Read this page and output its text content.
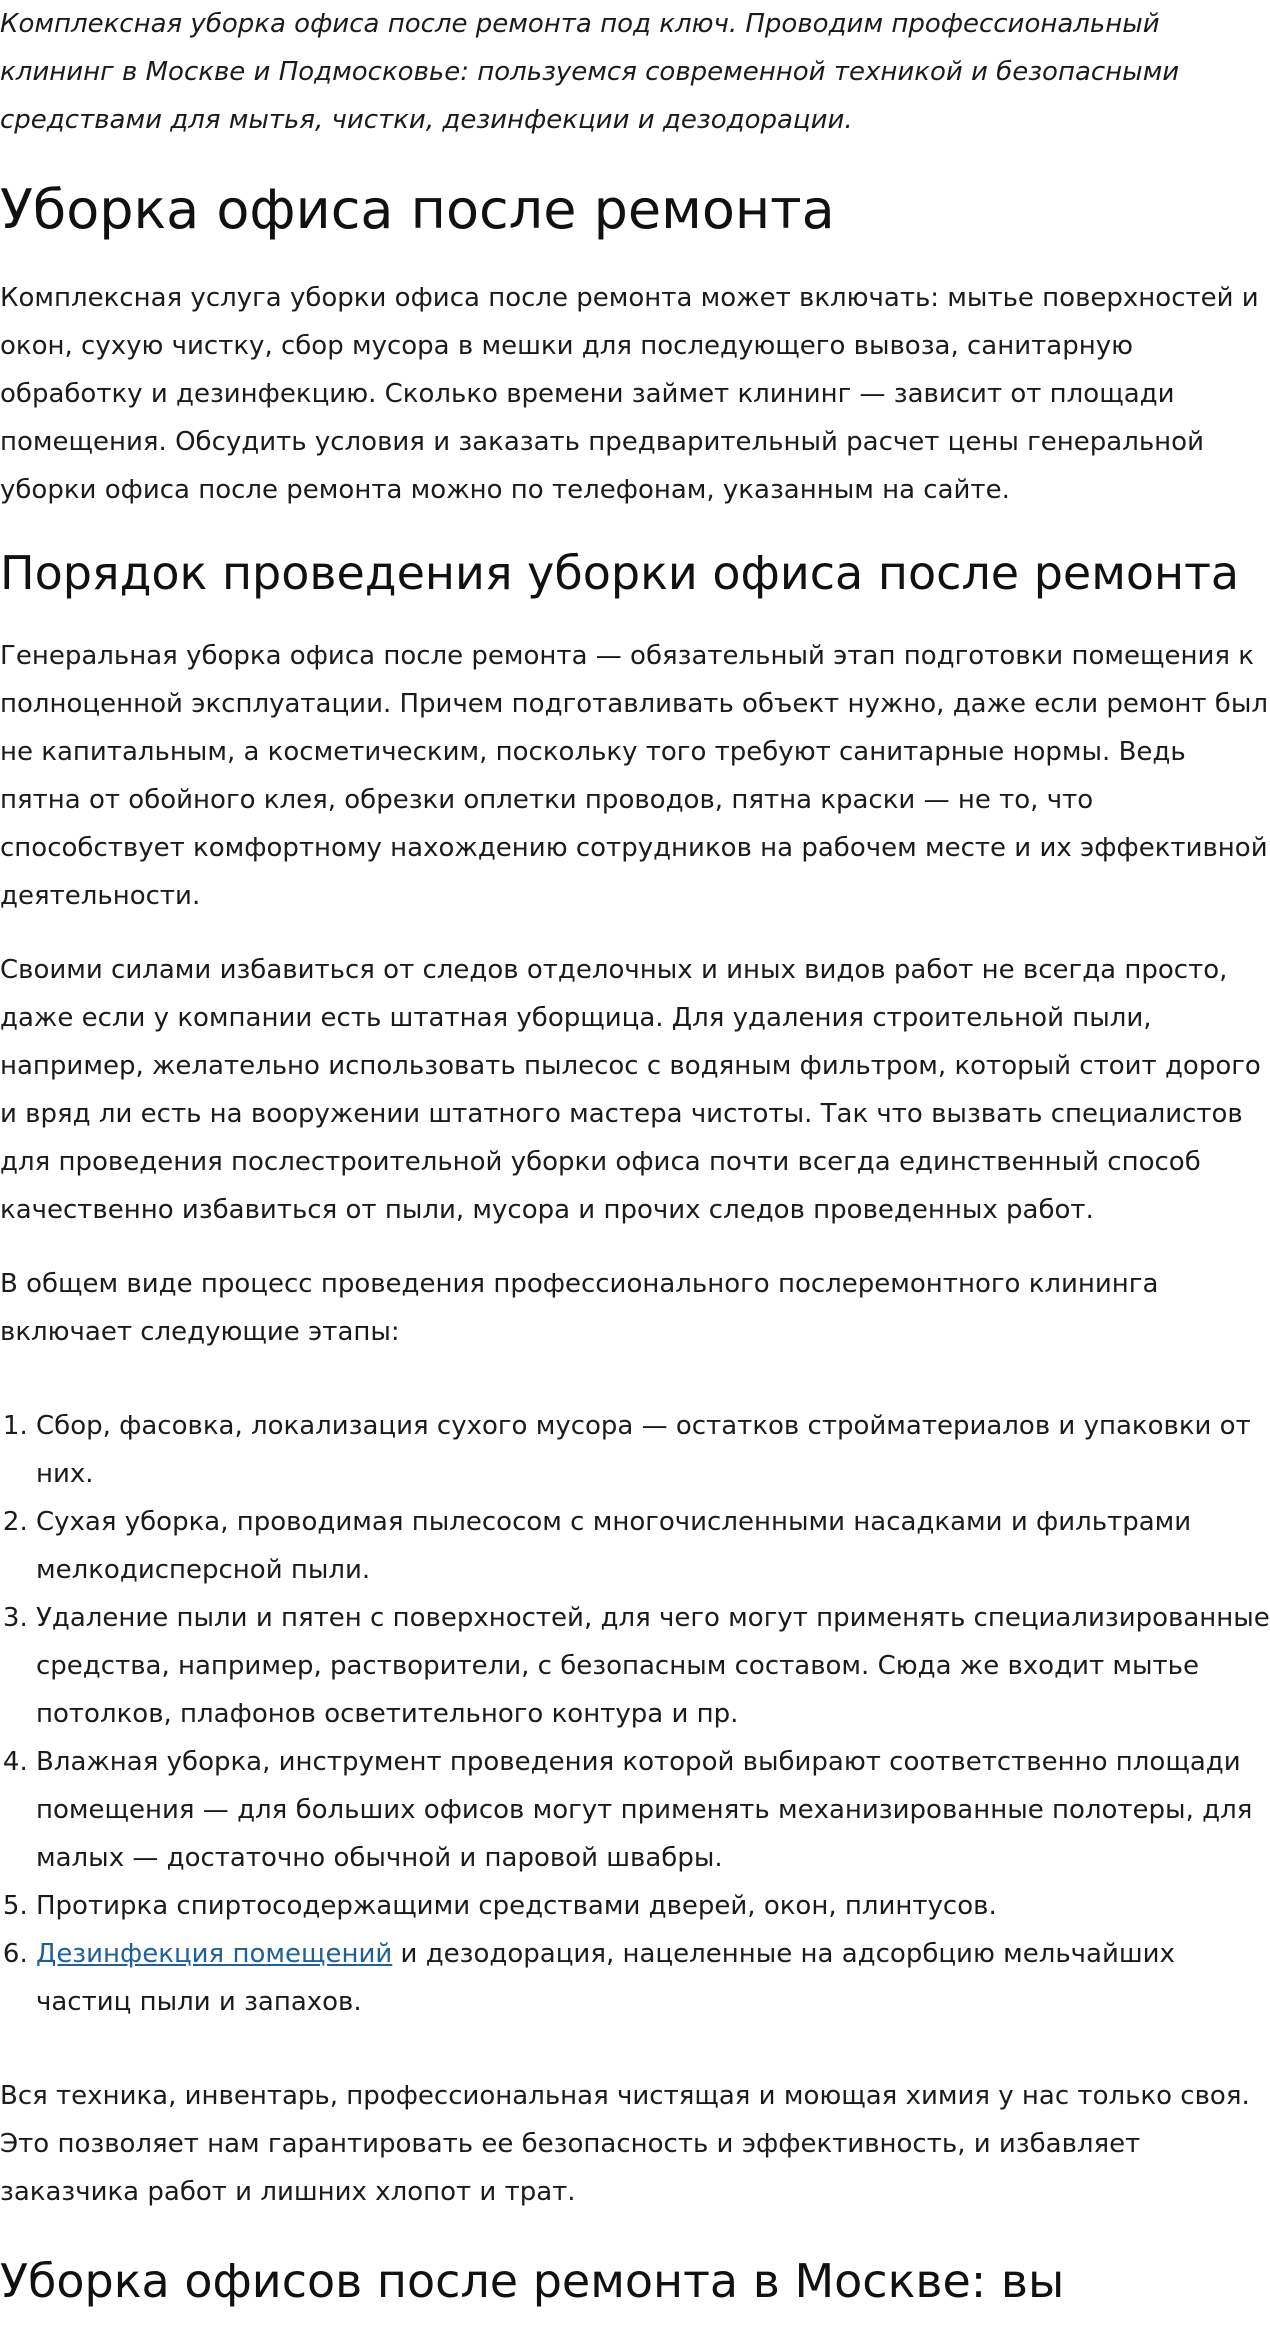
Комплексная уборка офиса после ремонта под ключ. Проводим профессиональный клининг в Москве и Подмосковье: пользуемся современной техникой и безопасными средствами для мытья, чистки, дезинфекции и дезодорации.

Уборка офиса после ремонта

Комплексная услуга уборки офиса после ремонта может включать: мытье поверхностей и окон, сухую чистку, сбор мусора в мешки для последующего вывоза, санитарную обработку и дезинфекцию. Сколько времени займет клининг — зависит от площади помещения. Обсудить условия и заказать предварительный расчет цены генеральной уборки офиса после ремонта можно по телефонам, указанным на сайте.

Порядок проведения уборки офиса после ремонта

Генеральная уборка офиса после ремонта — обязательный этап подготовки помещения к полноценной эксплуатации. Причем подготавливать объект нужно, даже если ремонт был не капитальным, а косметическим, поскольку того требуют санитарные нормы. Ведь пятна от обойного клея, обрезки оплетки проводов, пятна краски — не то, что способствует комфортному нахождению сотрудников на рабочем месте и их эффективной деятельности.

Своими силами избавиться от следов отделочных и иных видов работ не всегда просто, даже если у компании есть штатная уборщица. Для удаления строительной пыли, например, желательно использовать пылесос с водяным фильтром, который стоит дорого и вряд ли есть на вооружении штатного мастера чистоты. Так что вызвать специалистов для проведения послестроительной уборки офиса почти всегда единственный способ качественно избавиться от пыли, мусора и прочих следов проведенных работ.

В общем виде процесс проведения профессионального послеремонтного клининга включает следующие этапы:

1. Сбор, фасовка, локализация сухого мусора — остатков стройматериалов и упаковки от них.
2. Сухая уборка, проводимая пылесосом с многочисленными насадками и фильтрами мелкодисперсной пыли.
3. Удаление пыли и пятен с поверхностей, для чего могут применять специализированные средства, например, растворители, с безопасным составом. Сюда же входит мытье потолков, плафонов осветительного контура и пр.
4. Влажная уборка, инструмент проведения которой выбирают соответственно площади помещения — для больших офисов могут применять механизированные полотеры, для малых — достаточно обычной и паровой швабры.
5. Протирка спиртосодержащими средствами дверей, окон, плинтусов.
6. Дезинфекция помещений и дезодорация, нацеленные на адсорбцию мельчайших частиц пыли и запахов.

Вся техника, инвентарь, профессиональная чистящая и моющая химия у нас только своя. Это позволяет нам гарантировать ее безопасность и эффективность, и избавляет заказчика работ и лишних хлопот и трат.

Уборка офисов после ремонта в Москве: вы
